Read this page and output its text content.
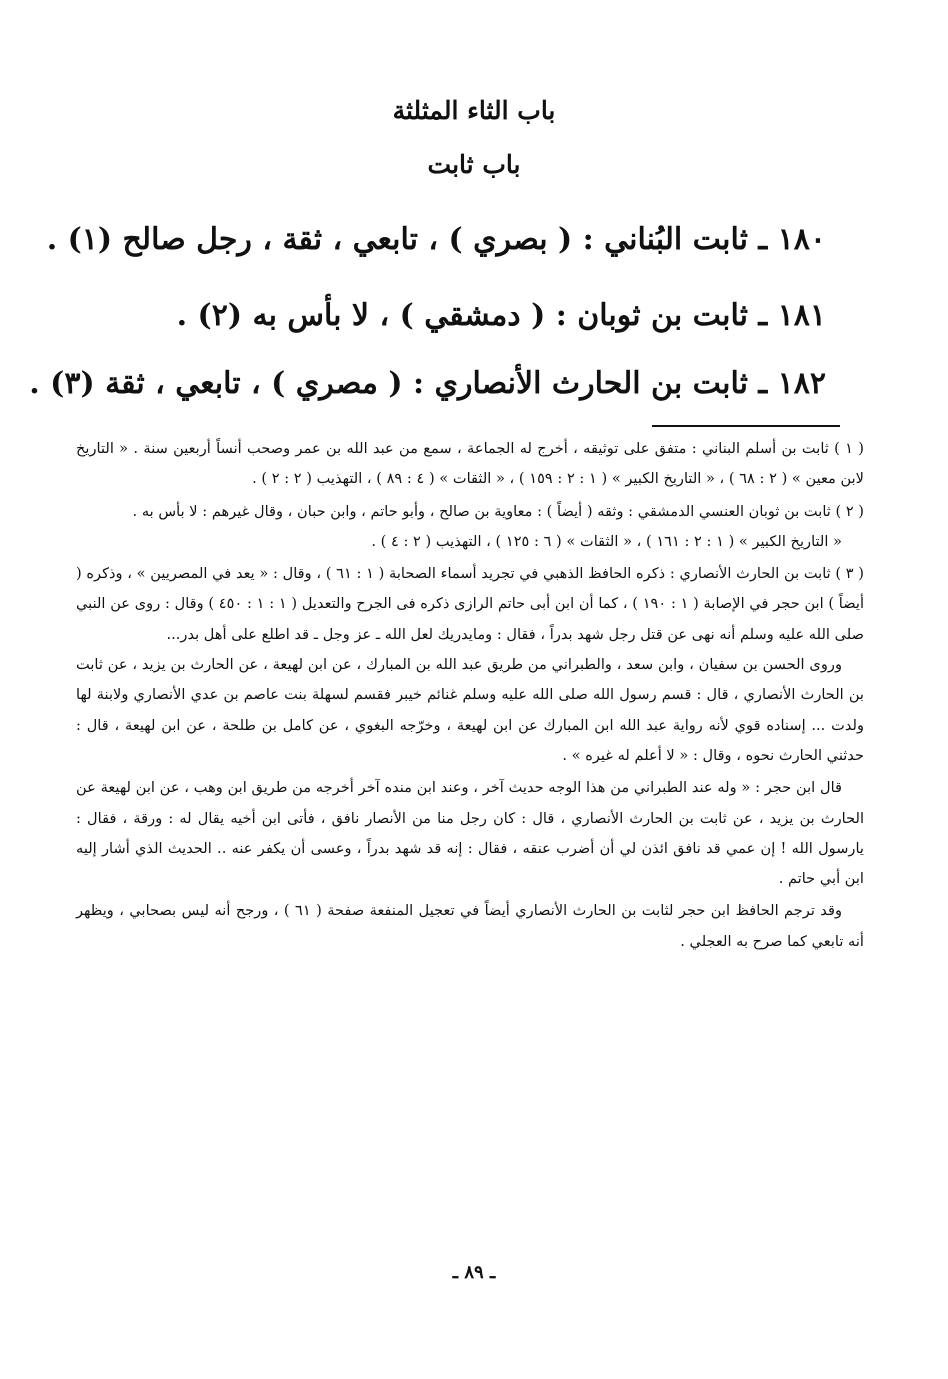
باب الثاء المثلثة
باب ثابت
١٨٠ ـ ثابت البُناني : ( بصري ) ، تابعي ، ثقة ، رجل صالح (١) .
١٨١ ـ ثابت بن ثوبان : ( دمشقي ) ، لا بأس به (٢) .
١٨٢ ـ ثابت بن الحارث الأنصاري : ( مصري ) ، تابعي ، ثقة (٣) .

( ١ ) ثابت بن أسلم البناني : متفق على توثيقه ، أخرج له الجماعة ، سمع من عبد الله بن عمر وصحب أنساً أربعين سنة . « التاريخ لابن معين » ( ٢ : ٦٨ ) ، « التاريخ الكبير » ( ١ : ٢ : ١٥٩ ) ، « الثقات » ( ٤ : ٨٩ ) ، التهذيب ( ٢ : ٢ ) .

( ٢ ) ثابت بن ثوبان العنسي الدمشقي : وثقه ( أيضاً ) : معاوية بن صالح ، وأبو حاتم ، وابن حبان ، وقال غيرهم : لا بأس به .

« التاريخ الكبير » ( ١ : ٢ : ١٦١ ) ، « الثقات » ( ٦ : ١٢٥ ) ، التهذيب ( ٢ : ٤ ) .

( ٣ ) ثابت بن الحارث الأنصاري : ذكره الحافظ الذهبي في تجريد أسماء الصحابة ( ١ : ٦١ ) ، وقال : « يعد في المصريين » ، وذكره ( أيضاً ) ابن حجر في الإصابة ( ١ : ١٩٠ ) ، كما أن ابن أبى حاتم الرازى ذكره فى الجرح والتعديل ( ١ : ١ : ٤٥٠ ) وقال : روى عن النبي صلى الله عليه وسلم أنه نهى عن قتل رجل شهد بدراً ، فقال : ومايدريك لعل الله ـ عز وجل ـ قد اطلع على أهل بدر...

وروى الحسن بن سفيان ، وابن سعد ، والطبراني من طريق عبد الله بن المبارك ، عن ابن لهيعة ، عن الحارث بن يزيد ، عن ثابت بن الحارث الأنصاري ، قال : قسم رسول الله صلى الله عليه وسلم غنائم خيبر فقسم لسهلة بنت عاصم بن عدي الأنصاري ولابنة لها ولدت ... إسناده قوي لأنه رواية عبد الله ابن المبارك عن ابن لهيعة ، وخرّجه البغوي ، عن كامل بن طلحة ، عن ابن لهيعة ، قال : حدثني الحارث نحوه ، وقال : « لا أعلم له غيره » .

قال ابن حجر : « وله عند الطبراني من هذا الوجه حديث آخر ، وعند ابن منده آخر أخرجه من طريق ابن وهب ، عن ابن لهيعة عن الحارث بن يزيد ، عن ثابت بن الحارث الأنصاري ، قال : كان رجل منا من الأنصار نافق ، فأتى ابن أخيه يقال له : ورقة ، فقال : يارسول الله ! إن عمي قد نافق ائذن لي أن أضرب عنقه ، فقال : إنه قد شهد بدراً ، وعسى أن يكفر عنه .. الحديث الذي أشار إليه ابن أبي حاتم .

وقد ترجم الحافظ ابن حجر لثابت بن الحارث الأنصاري أيضاً في تعجيل المنفعة صفحة ( ٦١ ) ، ورجح أنه ليس بصحابي ، ويظهر أنه تابعي كما صرح به العجلي .

ـ ٨٩ ـ
